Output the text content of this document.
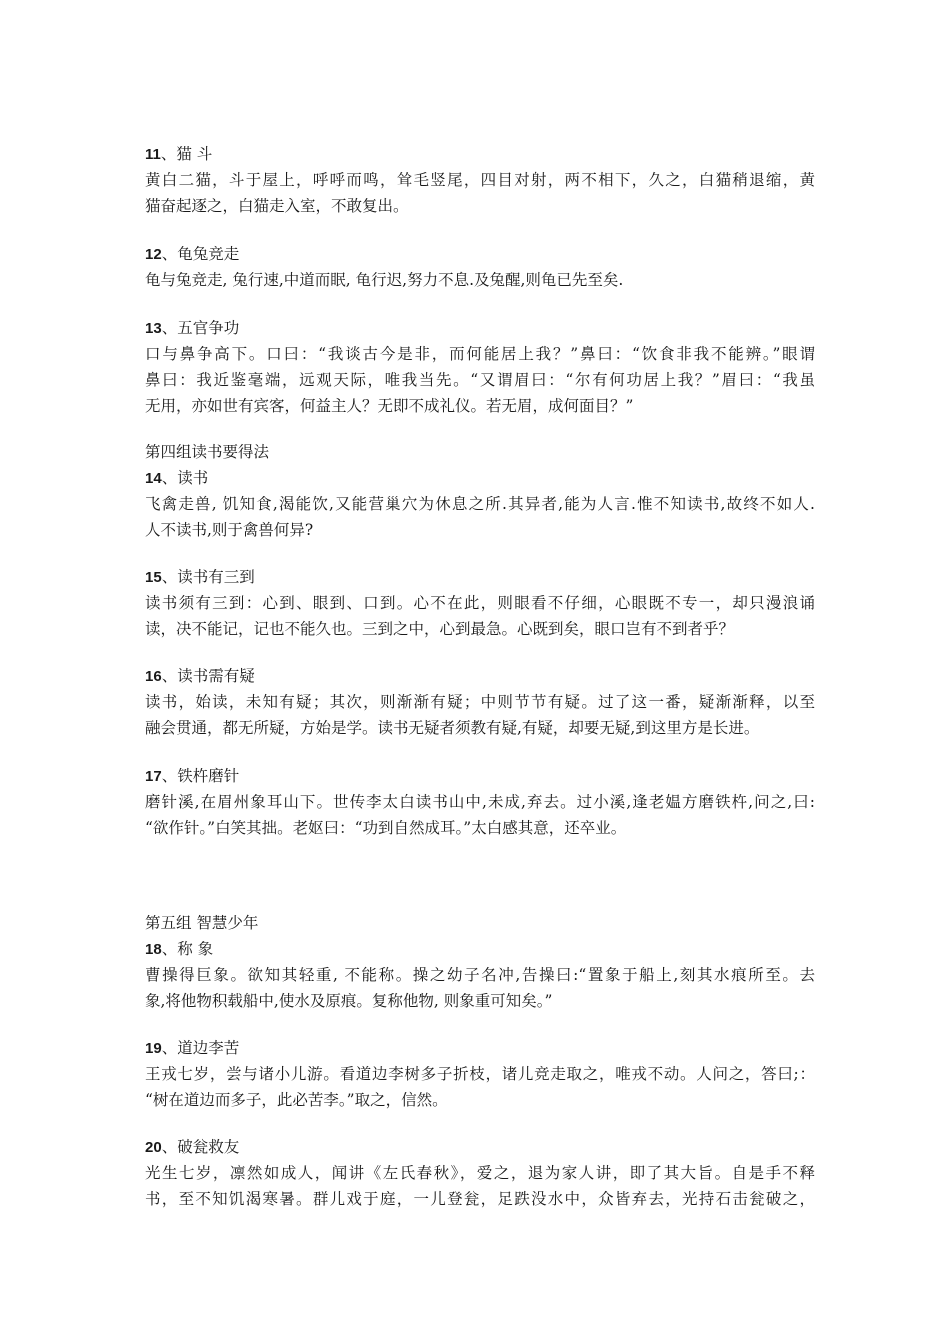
11、猫 斗
黄白二猫，斗于屋上，呼呼而鸣，耸毛竖尾，四目对射，两不相下，久之，白猫稍退缩，黄
猫奋起逐之，白猫走入室，不敢复出。
12、龟兔竞走
龟与兔竞走, 兔行速,中道而眠, 龟行迟,努力不息.及兔醒,则龟已先至矣.
13、五官争功
口与鼻争高下。口曰：“我谈古今是非，而何能居上我？”鼻曰：“饮食非我不能辨。”眼谓
鼻曰：我近鉴毫端，远观天际，唯我当先。“又谓眉曰：“尔有何功居上我？”眉曰：“我虽
无用，亦如世有宾客，何益主人？无即不成礼仪。若无眉，成何面目？”
第四组读书要得法
14、读书
飞禽走兽, 饥知食,渴能饮,又能营巢穴为休息之所.其异者,能为人言.惟不知读书,故终不如人.
人不读书,则于禽兽何异?
15、读书有三到
读书须有三到：心到、眼到、口到。心不在此，则眼看不仔细，心眼既不专一，却只漫浪诵
读，决不能记，记也不能久也。三到之中，心到最急。心既到矣，眼口岂有不到者乎？
16、读书需有疑
读书，始读，未知有疑；其次，则渐渐有疑；中则节节有疑。过了这一番，疑渐渐释，以至
融会贯通，都无所疑，方始是学。读书无疑者须教有疑,有疑，却要无疑,到这里方是长进。
17、铁杵磨针
磨针溪,在眉州象耳山下。世传李太白读书山中,未成,弃去。过小溪,逢老媪方磨铁杵,问之,曰:
“欲作针。”白笑其拙。老妪曰：“功到自然成耳。”太白感其意，还卒业。
第五组 智慧少年
18、称 象
曹操得巨象。欲知其轻重, 不能称。操之幼子名冲,告操曰:“置象于船上,刻其水痕所至。去
象,将他物积载船中,使水及原痕。复称他物, 则象重可知矣。”
19、道边李苦
王戎七岁，尝与诸小儿游。看道边李树多子折枝，诸儿竞走取之，唯戎不动。人问之，答曰;：
“树在道边而多子，此必苦李。”取之，信然。
20、破瓮救友
光生七岁，凛然如成人，闻讲《左氏春秋》，爱之，退为家人讲，即了其大旨。自是手不释
书，至不知饥渴寒暑。群儿戏于庭，一儿登瓮，足跌没水中，众皆弃去，光持石击瓮破之，
